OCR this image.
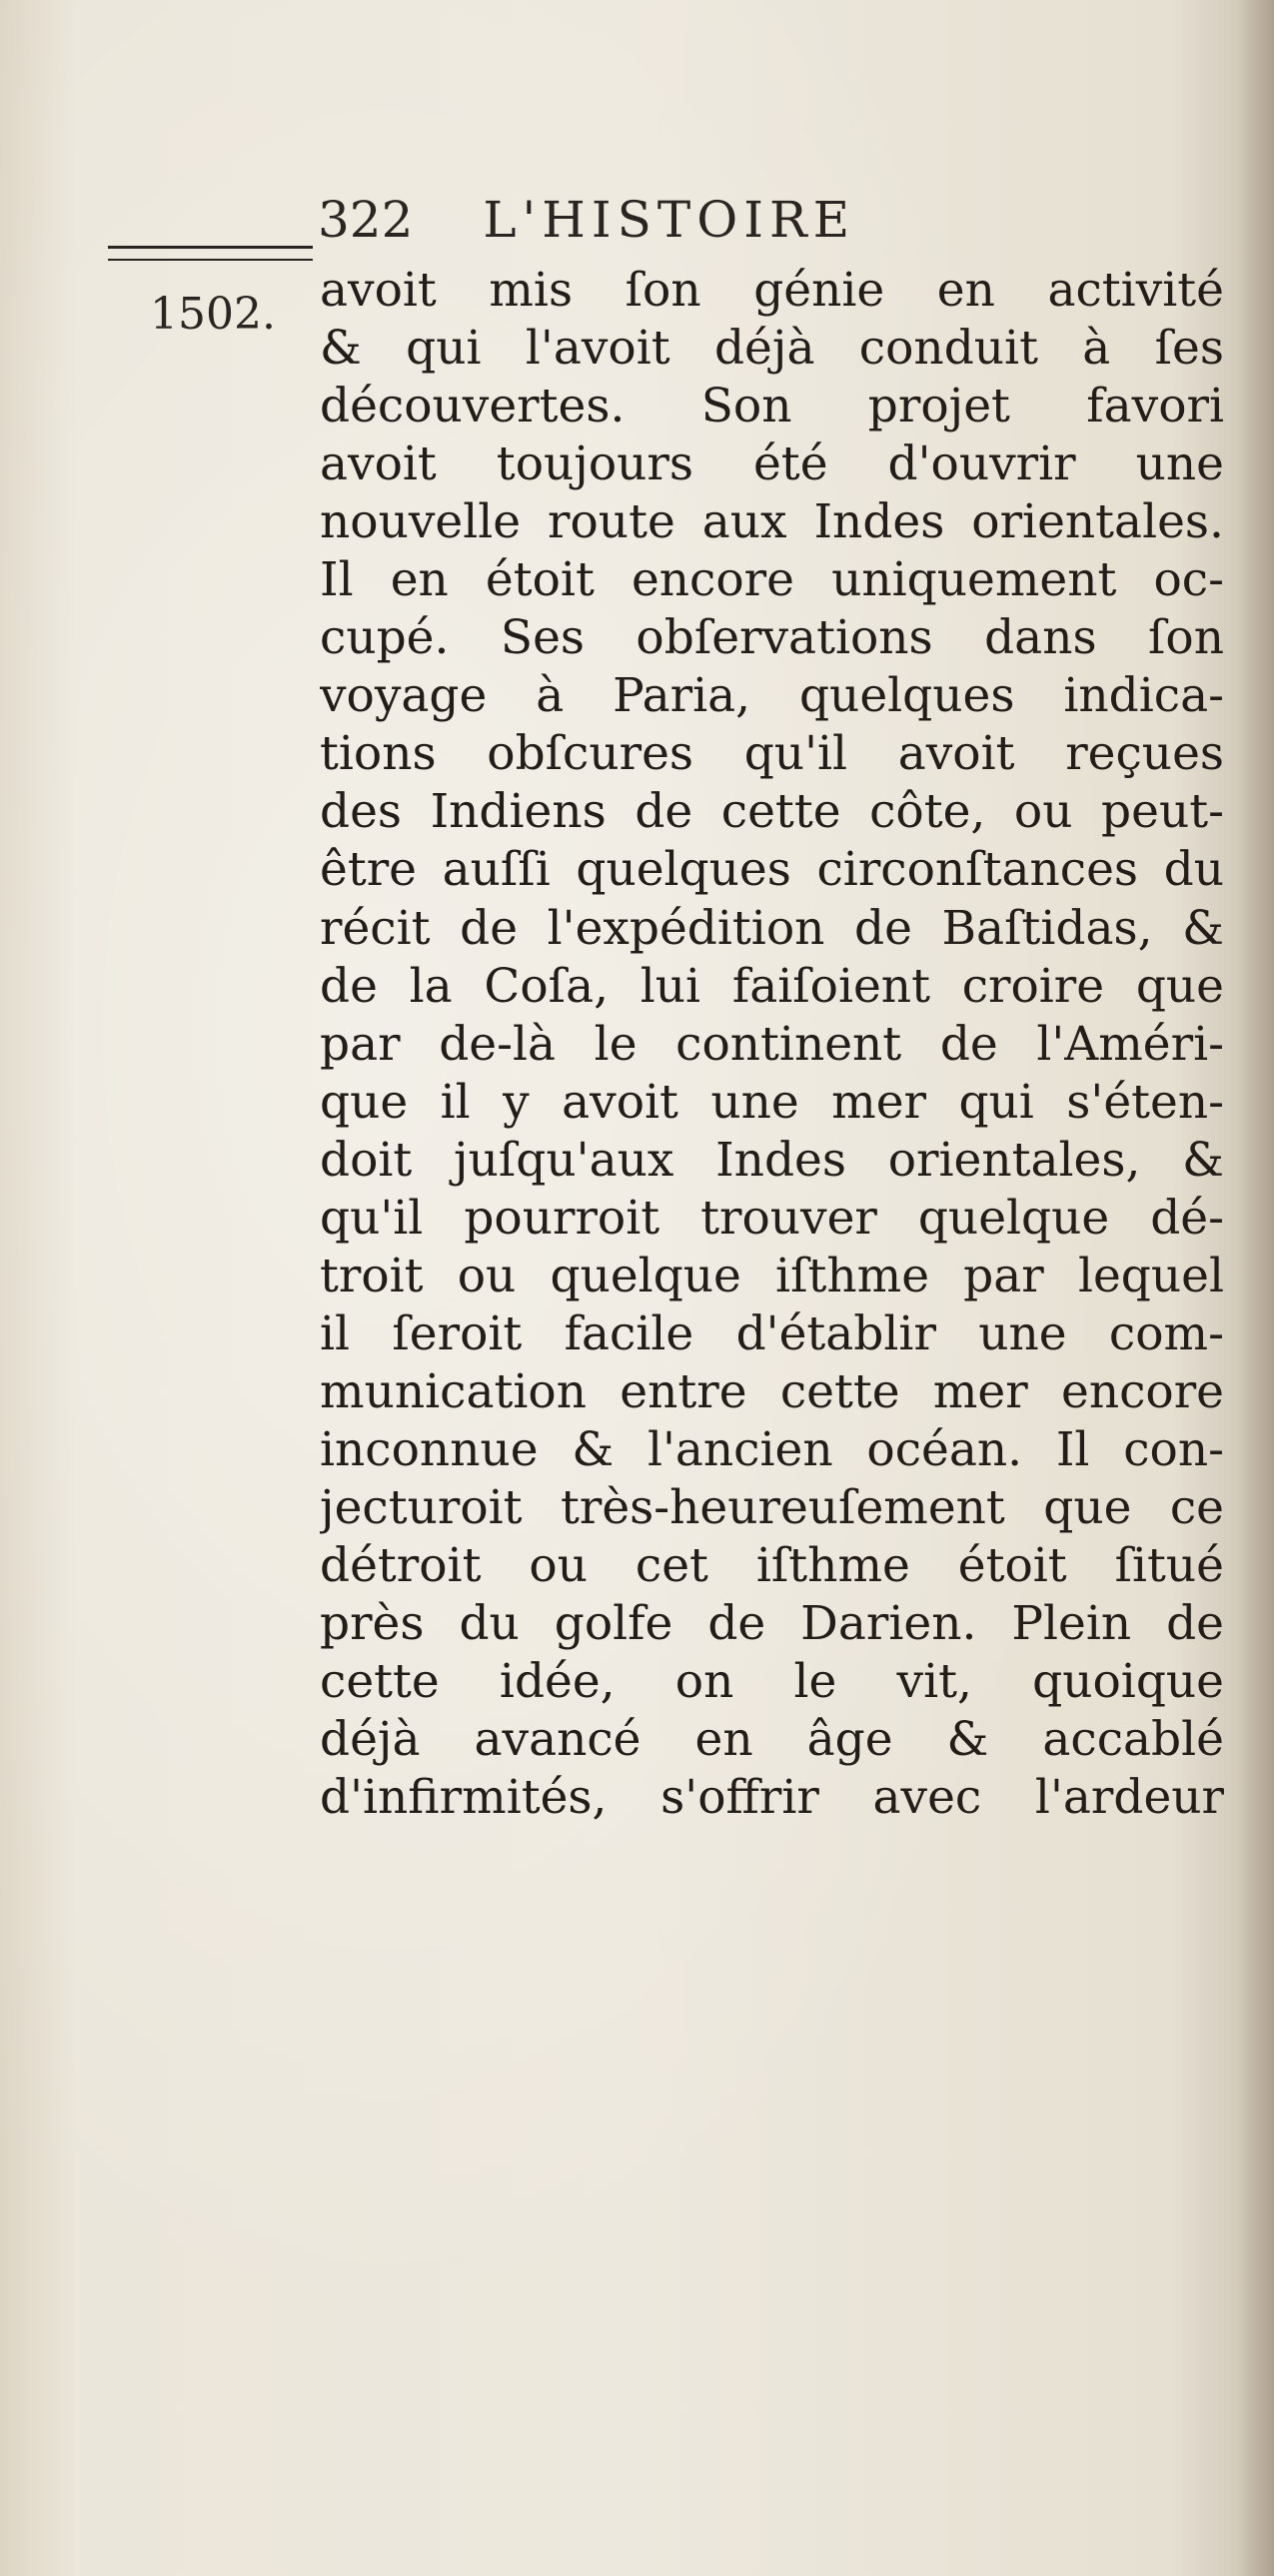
322 L'HISTOIRE
1502. avoit mis ſon génie en activité
& qui l'avoit déjà conduit à ſes
découvertes. Son projet favori
avoit toujours été d'ouvrir une
nouvelle route aux Indes orientales.
Il en étoit encore uniquement oc-
cupé. Ses obſervations dans ſon
voyage à Paria, quelques indica-
tions obſcures qu'il avoit reçues
des Indiens de cette côte, ou peut-
être auſſi quelques circonſtances du
récit de l'expédition de Baſtidas, &
de la Coſa, lui faiſoient croire que
par de-là le continent de l'Améri-
que il y avoit une mer qui s'éten-
doit juſqu'aux Indes orientales, &
qu'il pourroit trouver quelque dé-
troit ou quelque iſthme par lequel
il ſeroit facile d'établir une com-
munication entre cette mer encore
inconnue & l'ancien océan. Il con-
jecturoit très-heureuſement que ce
détroit ou cet iſthme étoit ſitué
près du golfe de Darien. Plein de
cette idée, on le vit, quoique
déjà avancé en âge & accablé
d'infirmités, s'offrir avec l'ardeur
